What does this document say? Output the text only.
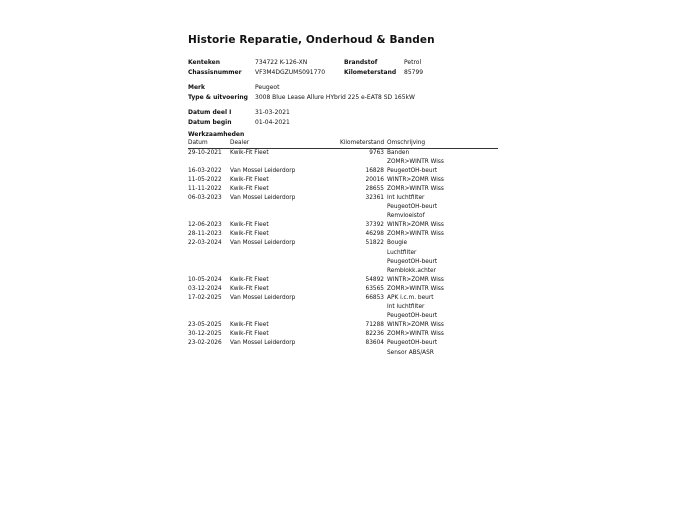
Historie Reparatie, Onderhoud & Banden
Kenteken	734722 K-126-XN	Brandstof	Petrol
Chassisnummer VF3M4DGZUMS091770	Kilometerstand 85799
Merk	Peugeot
Type & uitvoering 3008 Blue Lease Allure HYbrid 225 e-EAT8 SD 165kW
Datum deel I	31-03-2021
Datum begin	01-04-2021
Werkzaamheden
Datum	Dealer	Kilometerstand Omschrijving
29-10-2021 Kwik-Fit Fleet	9763 Banden
ZOMR>WINTR Wiss
16-03-2022 Van Mossel Leiderdorp	16828 PeugeotOH-beurt
11-05-2022 Kwik-Fit Fleet	20016 WINTR>ZOMR Wiss
11-11-2022 Kwik-Fit Fleet	28655 ZOMR>WINTR Wiss
06-03-2023 Van Mossel Leiderdorp	32361 Int luchtfilter
PeugeotOH-beurt
Remvloeistof
12-06-2023 Kwik-Fit Fleet	37392 WINTR>ZOMR Wiss
28-11-2023 Kwik-Fit Fleet	46298 ZOMR>WINTR Wiss
22-03-2024 Van Mossel Leiderdorp	51822 Bougie
Luchtfilter
PeugeotOH-beurt
Remblokk.achter
10-05-2024 Kwik-Fit Fleet	54892 WINTR>ZOMR Wiss
03-12-2024 Kwik-Fit Fleet	63565 ZOMR>WINTR Wiss
17-02-2025 Van Mossel Leiderdorp	66853 APK i.c.m. beurt
Int luchtfilter
PeugeotOH-beurt
23-05-2025 Kwik-Fit Fleet	71288 WINTR>ZOMR Wiss
30-12-2025 Kwik-Fit Fleet	82236 ZOMR>WINTR Wiss
23-02-2026 Van Mossel Leiderdorp	83604 PeugeotOH-beurt
Sensor ABS/ASR
